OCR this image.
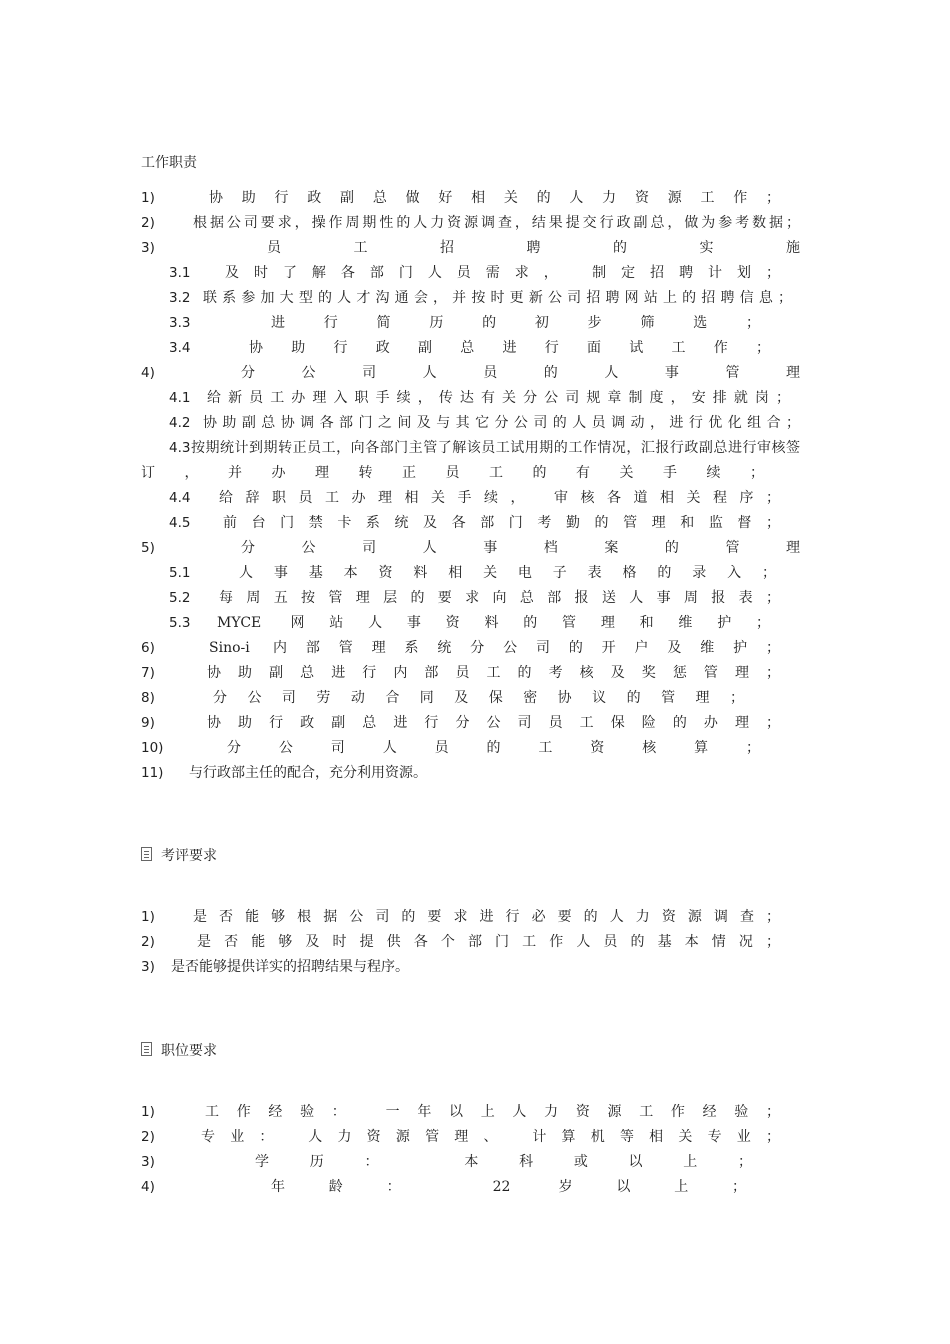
工作职责
1)	协助行政副总做好相关的人力资源工作；
2)	根据公司要求，操作周期性的人力资源调查，结果提交行政副总，做为参考数据；
3)	员工招聘的实施
3.1 及时了解各部门人员需求， 制定招聘计划；
3.2 联系参加大型的人才沟通会，并按时更新公司招聘网站上的招聘信息；
3.3	进行简历的初步筛选；
3.4	协助行政副总进行面试工作；
4)	分公司人员的人事管理
4.1 给新员工办理入职手续，传达有关分公司规章制度，安排就岗；
4.2 协助副总协调各部门之间及与其它分公司的人员调动，进行优化组合；
4.3 按期统计到期转正员工，向各部门主管了解该员工试用期的工作情况，汇报行政副总进行审核签
订，并办理转正员工的有关手续；
4.4 给辞职员工办理相关手续， 审核各道相关程序；
4.5 前台门禁卡系统及各部门考勤的管理和监督；
5)	分公司人事档案的管理
5.1	人事基本资料相关电子表格的录入；
5.2 每周五按管理层的要求向总部报送人事周报表；
5.3 MYCE 网站人事资料的管理和维护；
6)	Sino-i 内部管理系统分公司的开户及维护；
7)	协助副总进行内部员工的考核及奖惩管理；
8)	分公司劳动合同及保密协议的管理；
9)	协助行政副总进行分公司员工保险的办理；
10)	分公司人员的工资核算；
11) 与行政部主任的配合，充分利用资源。
考评要求
1)	是否能够根据公司的要求进行必要的人力资源调查；
2)	是否能够及时提供各个部门工作人员的基本情况；
3) 是否能够提供详实的招聘结果与程序。
职位要求
1)	工作经验： 一年以上人力资源工作经验；
2)	专业： 人力资源管理、 计算机等相关专业；
3)	学历： 本科或以上；
4)	年龄： 22 岁以上；
